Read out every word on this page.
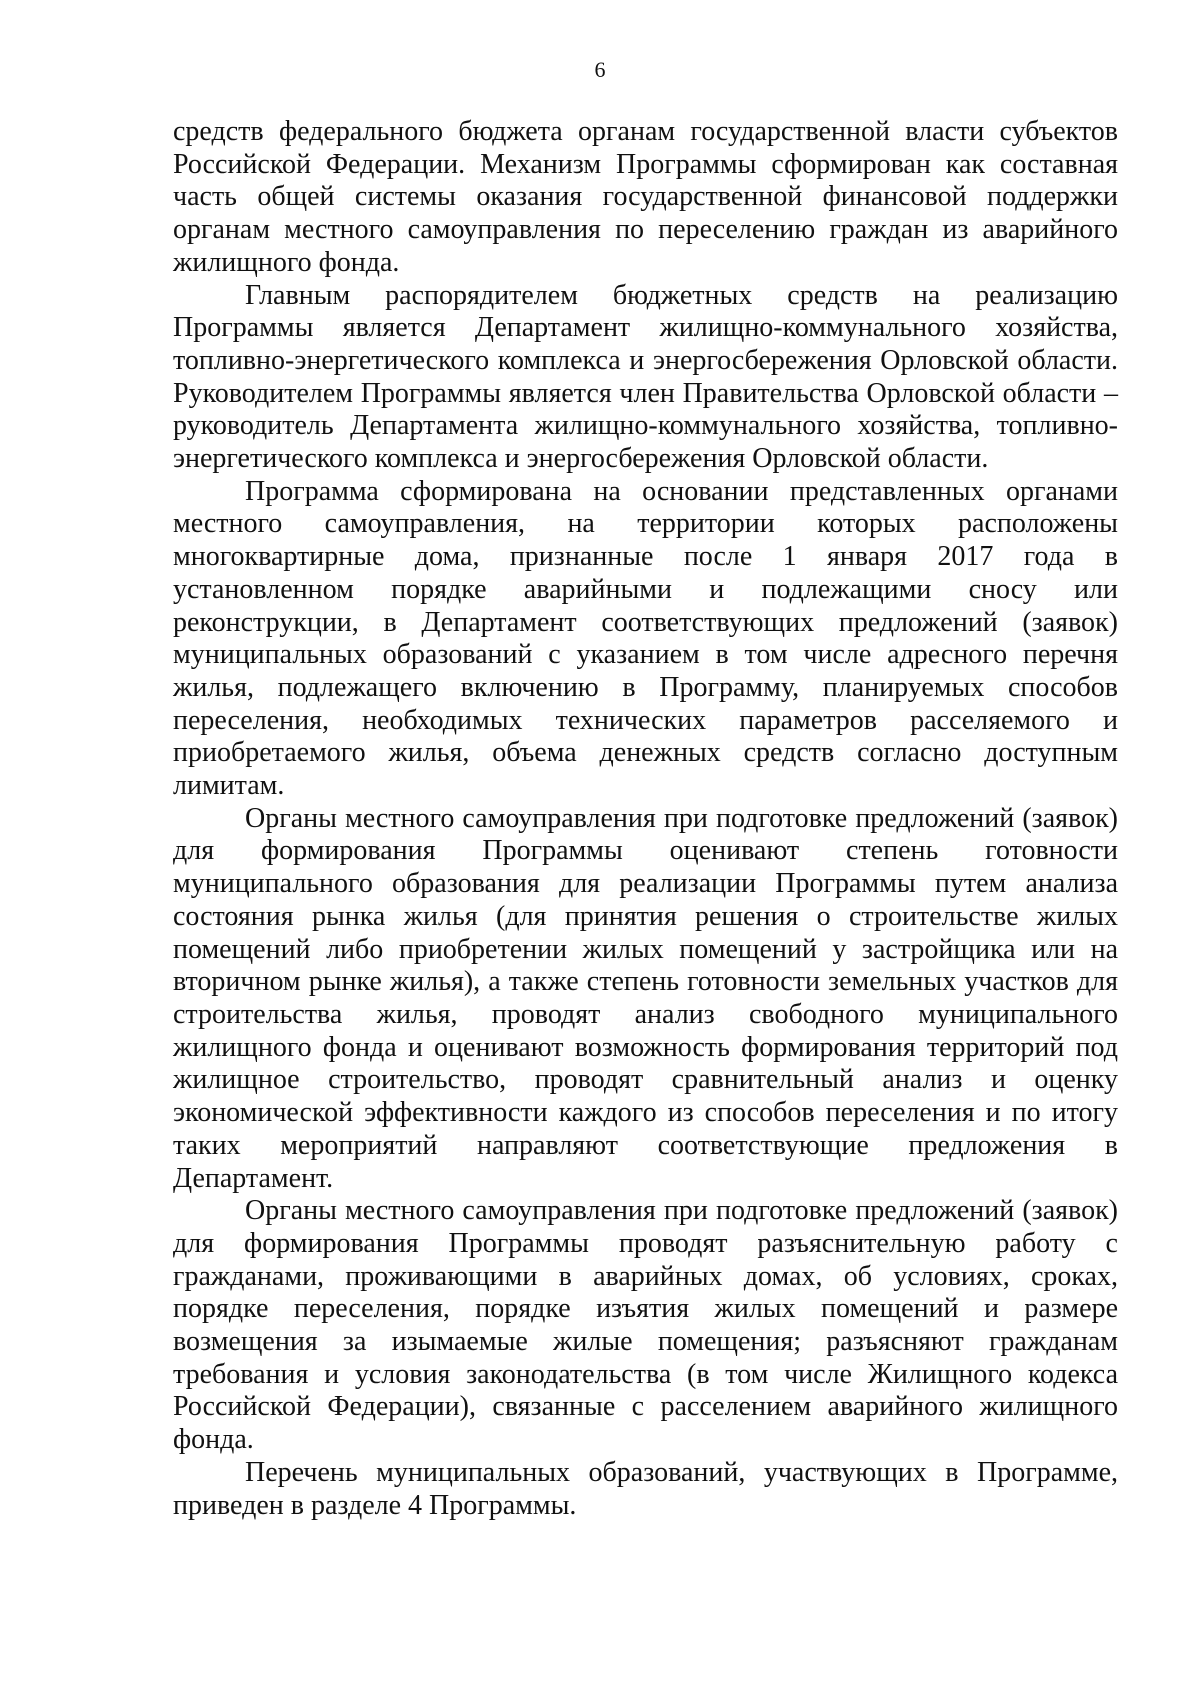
6

средств федерального бюджета органам государственной власти субъектов Российской Федерации. Механизм Программы сформирован как составная часть общей системы оказания государственной финансовой поддержки органам местного самоуправления по переселению граждан из аварийного жилищного фонда.

Главным распорядителем бюджетных средств на реализацию Программы является Департамент жилищно-коммунального хозяйства, топливно-энергетического комплекса и энергосбережения Орловской области. Руководителем Программы является член Правительства Орловской области – руководитель Департамента жилищно-коммунального хозяйства, топливно-энергетического комплекса и энергосбережения Орловской области.

Программа сформирована на основании представленных органами местного самоуправления, на территории которых расположены многоквартирные дома, признанные после 1 января 2017 года в установленном порядке аварийными и подлежащими сносу или реконструкции, в Департамент соответствующих предложений (заявок) муниципальных образований с указанием в том числе адресного перечня жилья, подлежащего включению в Программу, планируемых способов переселения, необходимых технических параметров расселяемого и приобретаемого жилья, объема денежных средств согласно доступным лимитам.

Органы местного самоуправления при подготовке предложений (заявок) для формирования Программы оценивают степень готовности муниципального образования для реализации Программы путем анализа состояния рынка жилья (для принятия решения о строительстве жилых помещений либо приобретении жилых помещений у застройщика или на вторичном рынке жилья), а также степень готовности земельных участков для строительства жилья, проводят анализ свободного муниципального жилищного фонда и оценивают возможность формирования территорий под жилищное строительство, проводят сравнительный анализ и оценку экономической эффективности каждого из способов переселения и по итогу таких мероприятий направляют соответствующие предложения в Департамент.

Органы местного самоуправления при подготовке предложений (заявок) для формирования Программы проводят разъяснительную работу с гражданами, проживающими в аварийных домах, об условиях, сроках, порядке переселения, порядке изъятия жилых помещений и размере возмещения за изымаемые жилые помещения; разъясняют гражданам требования и условия законодательства (в том числе Жилищного кодекса Российской Федерации), связанные с расселением аварийного жилищного фонда.

Перечень муниципальных образований, участвующих в Программе, приведен в разделе 4 Программы.
